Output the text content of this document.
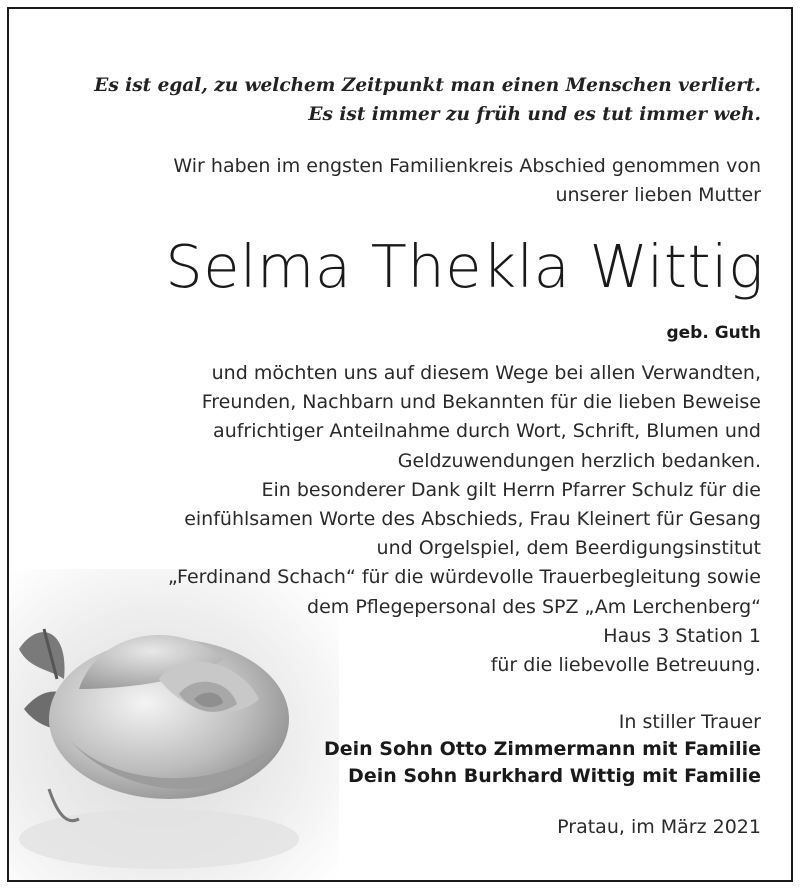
Es ist egal, zu welchem Zeitpunkt man einen Menschen verliert.
Es ist immer zu früh und es tut immer weh.
Wir haben im engsten Familienkreis Abschied genommen von
unserer lieben Mutter
Selma Thekla Wittig
geb. Guth
und möchten uns auf diesem Wege bei allen Verwandten,
Freunden, Nachbarn und Bekannten für die lieben Beweise
aufrichtiger Anteilnahme durch Wort, Schrift, Blumen und
Geldzuwendungen herzlich bedanken.
Ein besonderer Dank gilt Herrn Pfarrer Schulz für die
einfühlsamen Worte des Abschieds, Frau Kleinert für Gesang
und Orgelspiel, dem Beerdigungsinstitut
„Ferdinand Schach“ für die würdevolle Trauerbegleitung sowie
dem Pflegepersonal des SPZ „Am Lerchenberg“
Haus 3 Station 1
für die liebevolle Betreuung.
In stiller Trauer
Dein Sohn Otto Zimmermann mit Familie
Dein Sohn Burkhard Wittig mit Familie
Pratau, im März 2021
